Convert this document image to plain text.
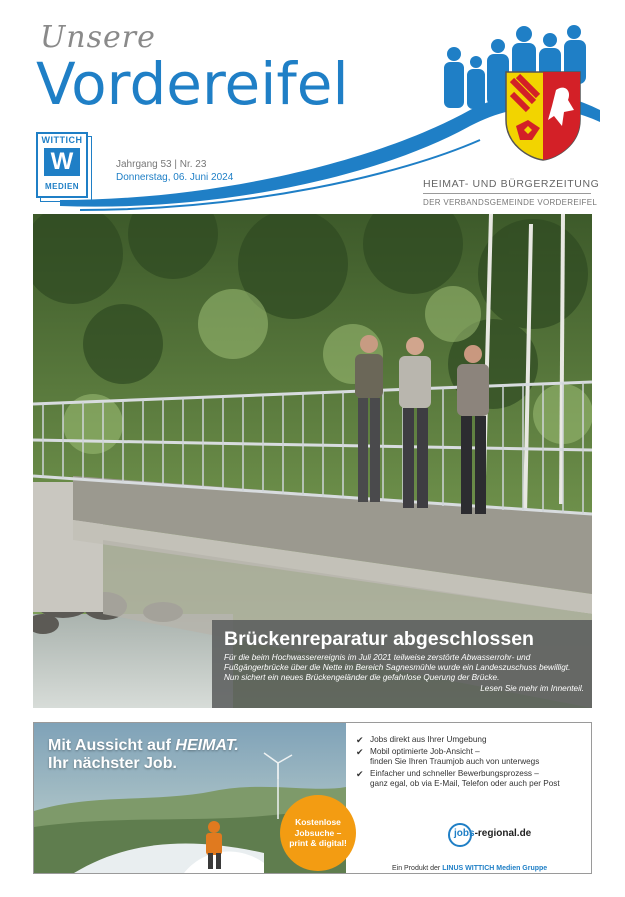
Unsere
Vordereifel
WITTICH
W
MEDIEN
Jahrgang 53 | Nr. 23
Donnerstag, 06. Juni 2024
HEIMAT- UND BÜRGERZEITUNG
DER VERBANDSGEMEINDE VORDEREIFEL
Brückenreparatur abgeschlossen

Für die beim Hochwasserereignis im Juli 2021 teilweise zerstörte Abwasserrohr- und Fußgängerbrücke über die Nette im Bereich Sagnesmühle wurde ein Landeszuschuss bewilligt. Nun sichert ein neues Brückengeländer die gefahrlose Querung der Brücke.

Lesen Sie mehr im Innenteil.

Mit Aussicht auf HEIMAT.
Ihr nächster Job.
Kostenlose Jobsuche – print & digital!
✔ Jobs direkt aus Ihrer Umgebung
✔ Mobil optimierte Job-Ansicht –
finden Sie Ihren Traumjob auch von unterwegs
✔ Einfacher und schneller Bewerbungsprozess –
ganz egal, ob via E-Mail, Telefon oder auch per Post
jobs-regional.de
Ein Produkt der LINUS WITTICH Medien Gruppe
